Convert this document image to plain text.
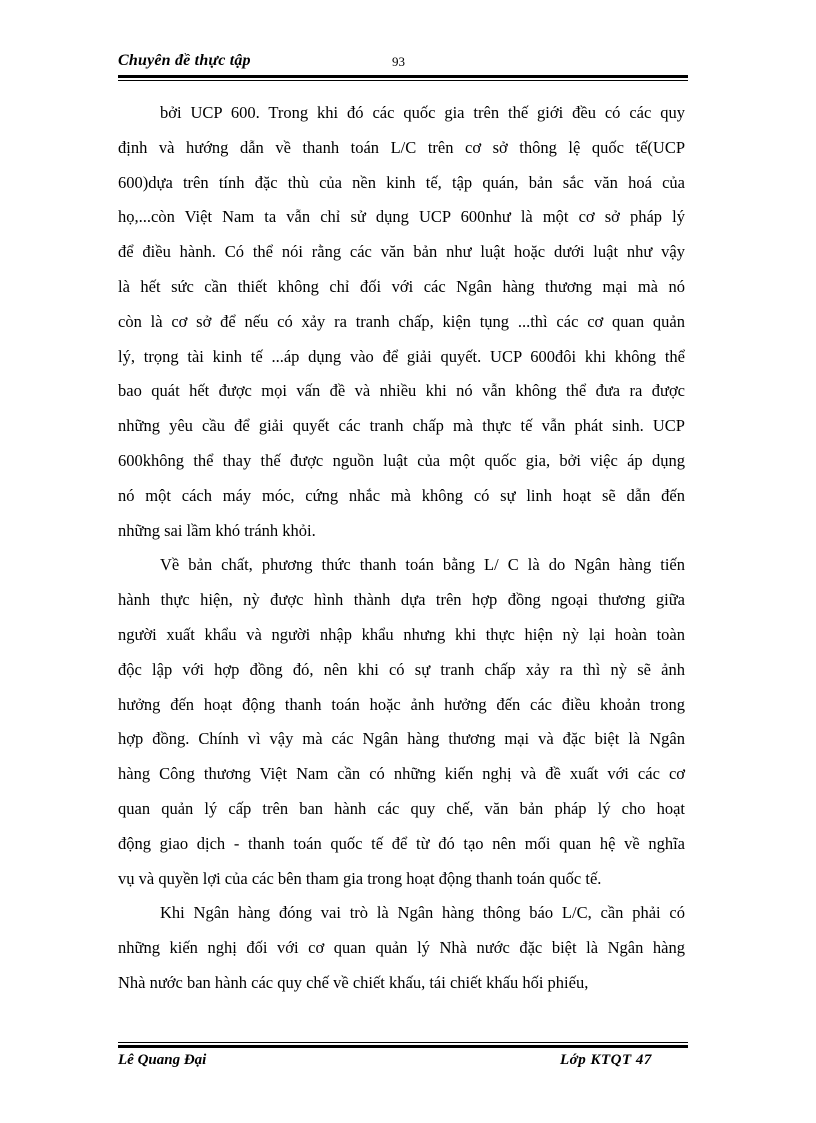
Chuyên đề thực tập	93
bởi UCP 600. Trong khi đó các quốc gia trên thế giới đều có các quy
định và hướng dẫn về thanh toán L/C trên cơ sở thông lệ quốc tế(UCP
600)dựa trên tính đặc thù của nền kinh tế, tập quán, bản sắc văn hoá của
họ,...còn Việt Nam ta vẫn chỉ sử dụng UCP 600như là một cơ sở pháp lý
để điều hành. Có thể nói rằng các văn bản như luật hoặc dưới luật như vậy
là hết sức cần thiết không chỉ đối với các Ngân hàng thương mại mà nó
còn là cơ sở để nếu có xảy ra tranh chấp, kiện tụng ...thì các cơ quan quản
lý, trọng tài kinh tế ...áp dụng vào để giải quyết. UCP 600đôi khi không thể
bao quát hết được mọi vấn đề và nhiều khi nó vẫn không thể đưa ra được
những yêu cầu để giải quyết các tranh chấp mà thực tế vẫn phát sinh. UCP
600không thể thay thế được nguồn luật của một quốc gia, bởi việc áp dụng
nó một cách máy móc, cứng nhắc mà không có sự linh hoạt sẽ dẫn đến
những sai lầm khó tránh khỏi.
Về bản chất, phương thức thanh toán bằng L/ C là do Ngân hàng tiến
hành thực hiện, nỳ được hình thành dựa trên hợp đồng ngoại thương giữa
người xuất khẩu và người nhập khẩu nhưng khi thực hiện nỳ lại hoàn toàn
độc lập với hợp đồng đó, nên khi có sự tranh chấp xảy ra thì nỳ sẽ ảnh
hưởng đến hoạt động thanh toán hoặc ảnh hưởng đến các điều khoản trong
hợp đồng. Chính vì vậy mà các Ngân hàng thương mại và đặc biệt là Ngân
hàng Công thương Việt Nam cần có những kiến nghị và đề xuất với các cơ
quan quản lý cấp trên ban hành các quy chế, văn bản pháp lý cho hoạt
động giao dịch - thanh toán quốc tế để từ đó tạo nên mối quan hệ về nghĩa
vụ và quyền lợi của các bên tham gia trong hoạt động thanh toán quốc tế.
Khi Ngân hàng đóng vai trò là Ngân hàng thông báo L/C, cần phải có
những kiến nghị đối với cơ quan quản lý Nhà nước đặc biệt là Ngân hàng
Nhà nước ban hành các quy chế về chiết khấu, tái chiết khấu hối phiếu,
Lê Quang Đại	Lớp KTQT 47
